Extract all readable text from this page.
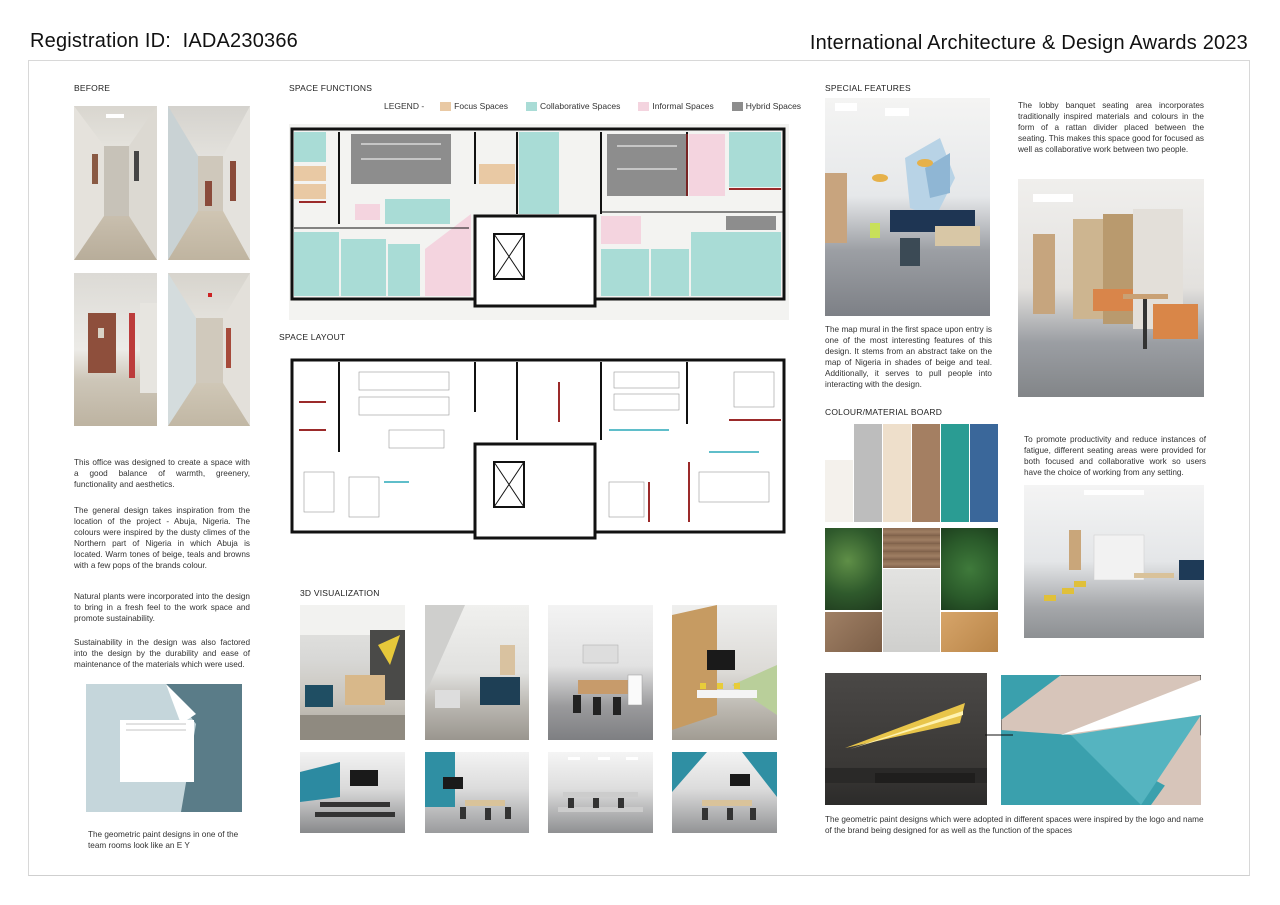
Registration ID: IADA230366	International Architecture & Design Awards 2023
BEFORE
This office was designed to create a space with a good balance of warmth, greenery, functionality and aesthetics.
The general design takes inspiration from the location of the project - Abuja, Nigeria. The colours were inspired by the dusty climes of the Northern part of Nigeria in which Abuja is located. Warm tones of beige, teals and browns with a few pops of the brands colour.
Natural plants were incorporated into the design to bring in a fresh feel to the work space and promote sustainability.
Sustainability in the design was also factored into the design by the durability and ease of maintenance of the materials which were used.
The geometric paint designs in one of the team rooms look like an E Y
SPACE FUNCTIONS
LEGEND -	Focus Spaces	Collaborative Spaces	Informal Spaces	Hybrid Spaces
SPACE LAYOUT
3D VISUALIZATION
SPECIAL FEATURES
The lobby banquet seating area incorporates traditionally inspired materials and colours in the form of a rattan divider placed between the seating. This makes this space good for focused as well as collaborative work between two people.
The map mural in the first space upon entry is one of the most interesting features of this design. It stems from an abstract take on the map of Nigeria in shades of beige and teal. Additionally, it serves to pull people into interacting with the design.
COLOUR/MATERIAL BOARD
To promote productivity and reduce instances of fatigue, different seating areas were provided for both focused and collaborative work so users have the choice of working from any setting.
The geometric paint designs which were adopted in different spaces were inspired by the logo and name of the brand being designed for as well as the function of the spaces
